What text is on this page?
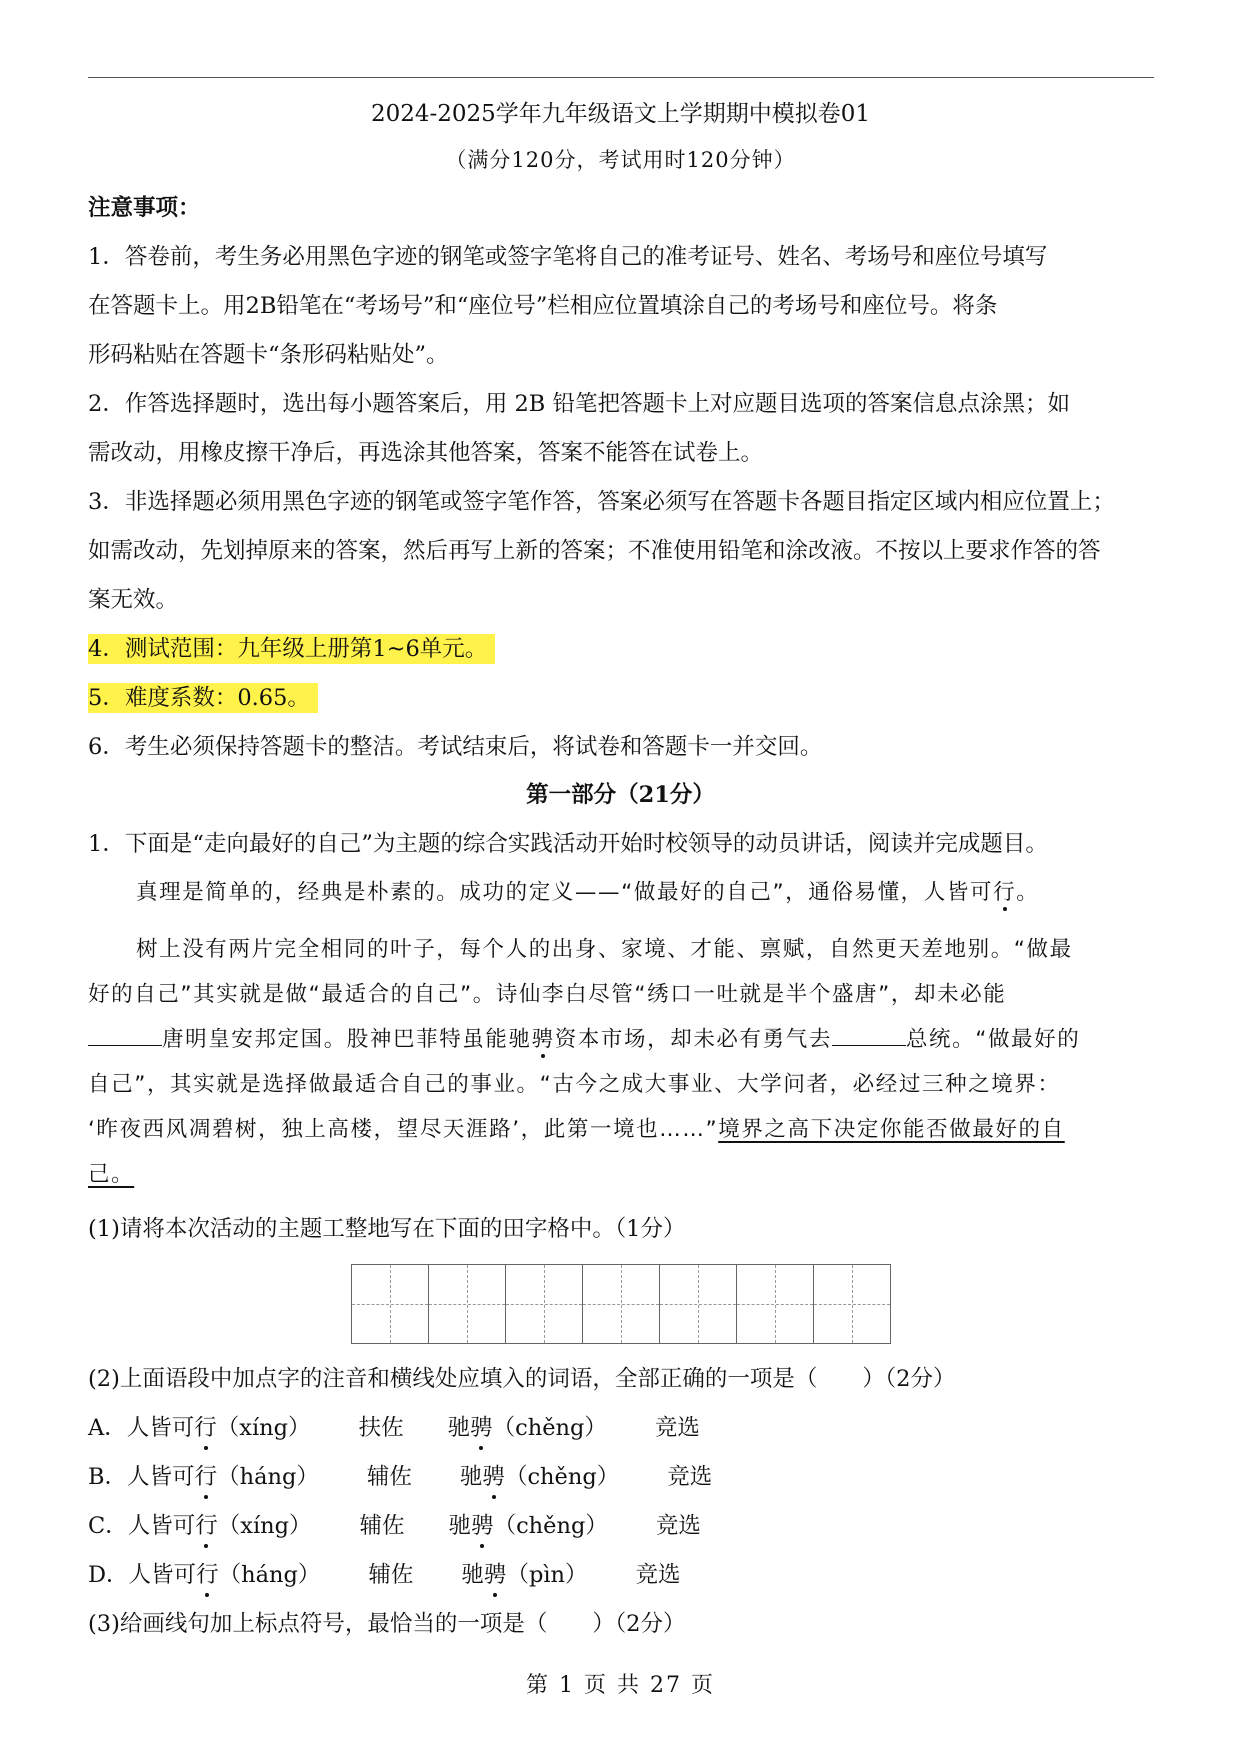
2024-2025学年九年级语文上学期期中模拟卷01
（满分120分，考试用时120分钟）
注意事项：
1．答卷前，考生务必用黑色字迹的钢笔或签字笔将自己的准考证号、姓名、考场号和座位号填写
在答题卡上。用2B铅笔在“考场号”和“座位号”栏相应位置填涂自己的考场号和座位号。将条
形码粘贴在答题卡“条形码粘贴处”。
2．作答选择题时，选出每小题答案后，用 2B 铅笔把答题卡上对应题目选项的答案信息点涂黑；如
需改动，用橡皮擦干净后，再选涂其他答案，答案不能答在试卷上。
3．非选择题必须用黑色字迹的钢笔或签字笔作答，答案必须写在答题卡各题目指定区域内相应位置上；
如需改动，先划掉原来的答案，然后再写上新的答案；不准使用铅笔和涂改液。不按以上要求作答的答
案无效。
4．测试范围：九年级上册第1~6单元。
5．难度系数：0.65。
6．考生必须保持答题卡的整洁。考试结束后，将试卷和答题卡一并交回。
第一部分（21分）
1．下面是“走向最好的自己”为主题的综合实践活动开始时校领导的动员讲话，阅读并完成题目。
真理是简单的，经典是朴素的。成功的定义——“做最好的自己”，通俗易懂，人皆可行。
树上没有两片完全相同的叶子，每个人的出身、家境、才能、禀赋，自然更天差地别。“做最
好的自己”其实就是做“最适合的自己”。诗仙李白尽管“绣口一吐就是半个盛唐”，却未必能
唐明皇安邦定国。股神巴菲特虽能驰骋资本市场，却未必有勇气去	总统。“做最好的
自己”，其实就是选择做最适合自己的事业。“古今之成大事业、大学问者，必经过三种之境界：
‘昨夜西风凋碧树，独上高楼，望尽天涯路’，此第一境也……”境界之高下决定你能否做最好的自
己。
(1)请将本次活动的主题工整地写在下面的田字格中。（1分）
(2)上面语段中加点字的注音和横线处应填入的词语，全部正确的一项是（　　）（2分）
A．人皆可行（xíng） 扶佐 驰骋（chěng） 竞选
B．人皆可行（háng） 辅佐 驰骋（chěng） 竞选
C．人皆可行（xíng） 辅佐 驰骋（chěng） 竞选
D．人皆可行（háng） 辅佐 驰骋（pìn） 竞选
(3)给画线句加上标点符号，最恰当的一项是（　　）（2分）
第 1 页 共 27 页
